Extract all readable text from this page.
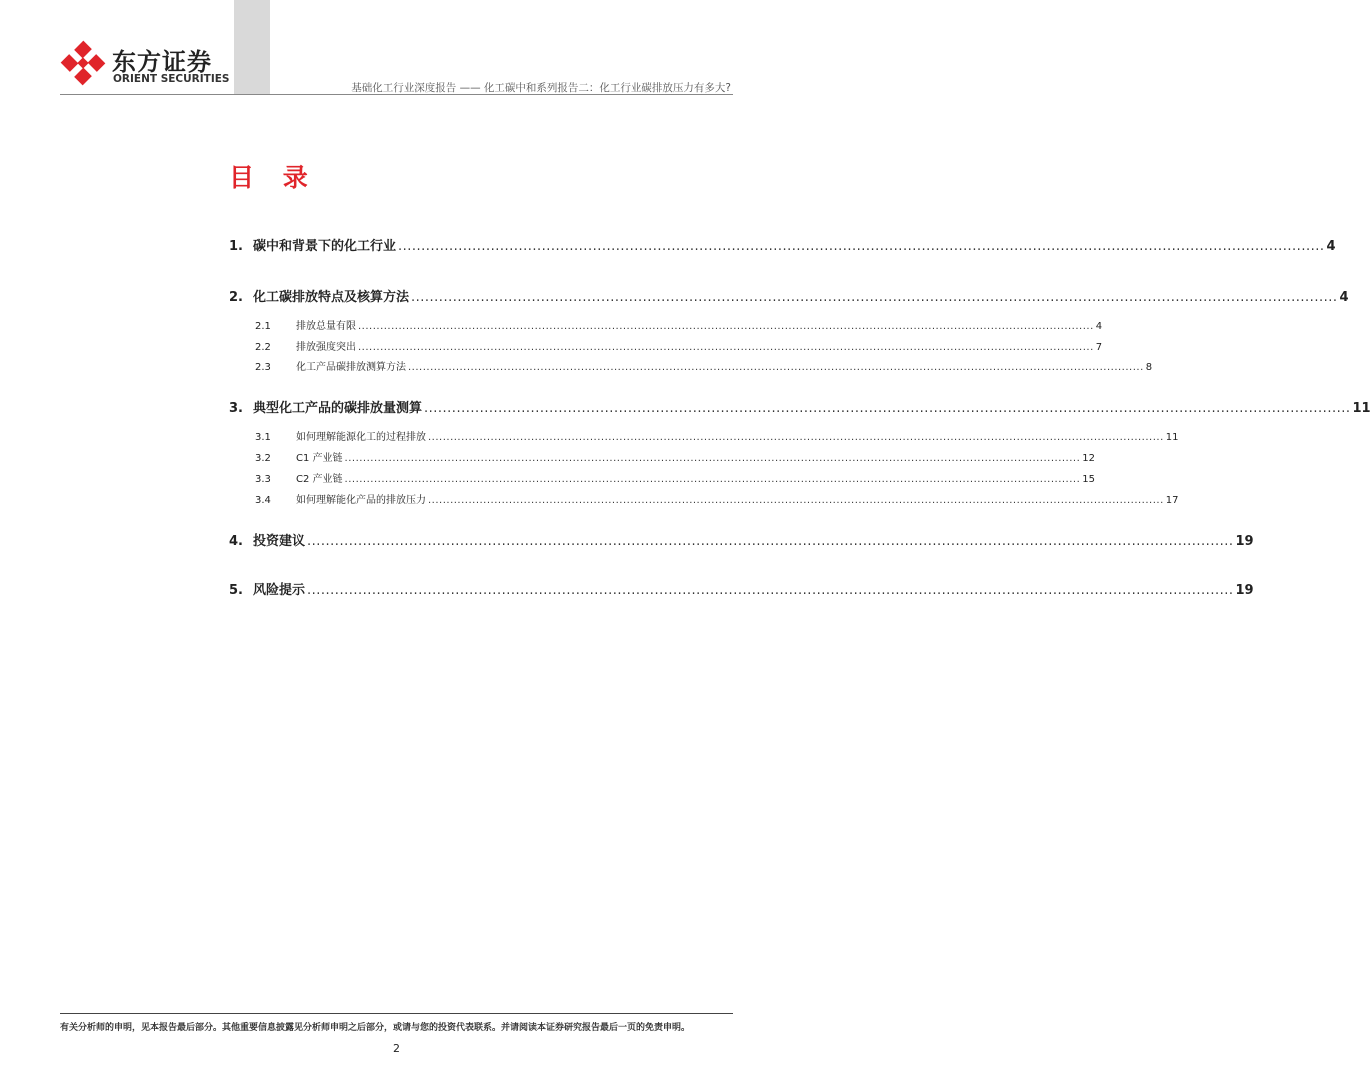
东方证券
ORIENT SECURITIES
基础化工行业深度报告 —— 化工碳中和系列报告二：化工行业碳排放压力有多大?
目 录
1. 碳中和背景下的化工行业 ........................................................................................................................................................................................................ 4
2. 化工碳排放特点及核算方法 ........................................................................................................................................................................................................ 4
2.1	排放总量有限 ........................................................................................................................................................................................................ 4
2.2	排放强度突出 ........................................................................................................................................................................................................ 7
2.3	化工产品碳排放测算方法 ........................................................................................................................................................................................................ 8
3. 典型化工产品的碳排放量测算 ........................................................................................................................................................................................................ 11
3.1	如何理解能源化工的过程排放 ........................................................................................................................................................................................................ 11
3.2	C1 产业链 ........................................................................................................................................................................................................ 12
3.3	C2 产业链 ........................................................................................................................................................................................................ 15
3.4	如何理解能化产品的排放压力 ........................................................................................................................................................................................................ 17
4. 投资建议 ........................................................................................................................................................................................................ 19
5. 风险提示 ........................................................................................................................................................................................................ 19
有关分析师的申明，见本报告最后部分。其他重要信息披露见分析师申明之后部分，或请与您的投资代表联系。并请阅读本证券研究报告最后一页的免责申明。
2
